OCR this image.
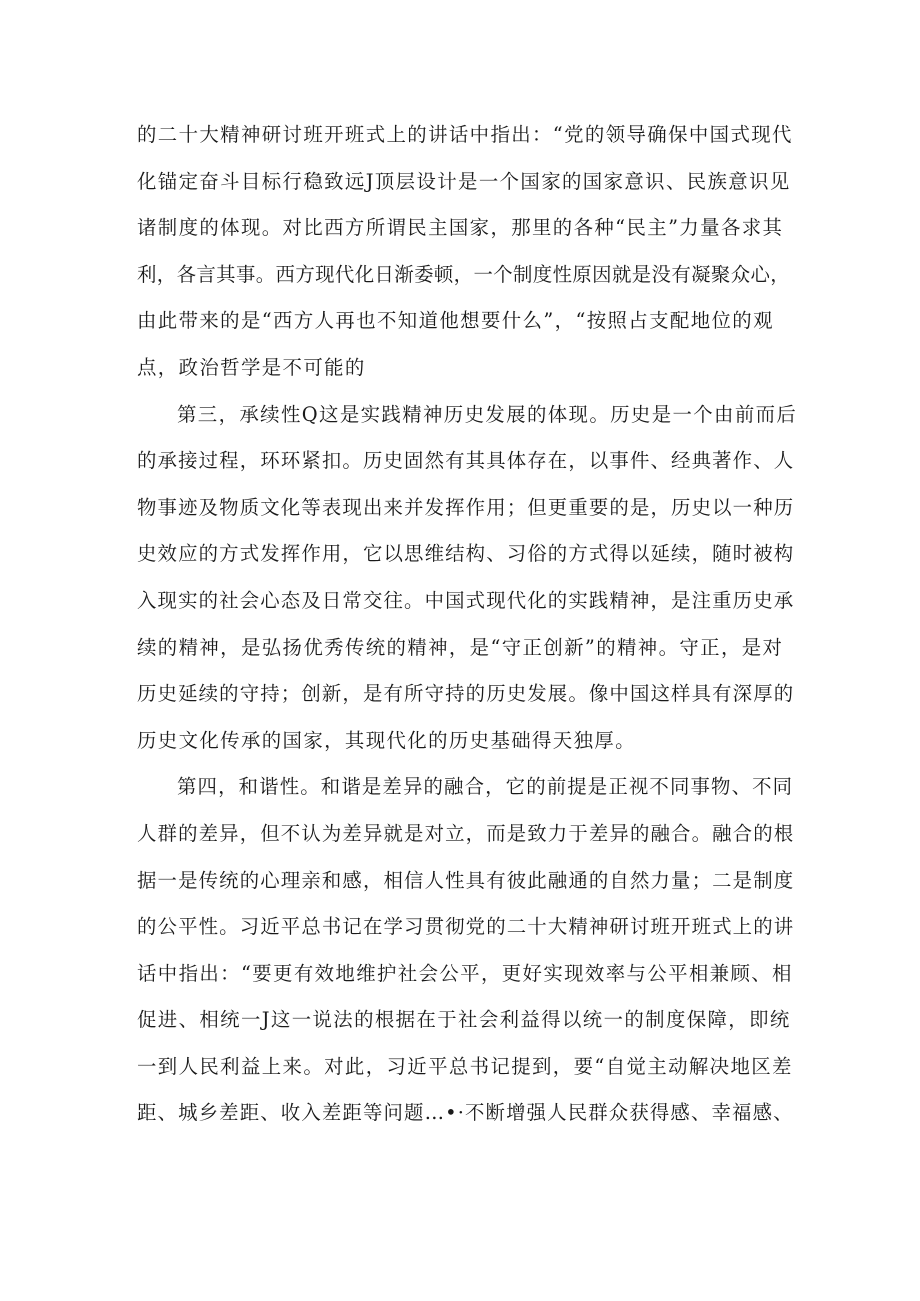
的二十大精神研讨班开班式上的讲话中指出：“党的领导确保中国式现代
化锚定奋斗目标行稳致远J顶层设计是一个国家的国家意识、民族意识见
诸制度的体现。对比西方所谓民主国家，那里的各种“民主”力量各求其
利，各言其事。西方现代化日渐委顿，一个制度性原因就是没有凝聚众心，
由此带来的是“西方人再也不知道他想要什么”，“按照占支配地位的观
点，政治哲学是不可能的
第三，承续性Q这是实践精神历史发展的体现。历史是一个由前而后
的承接过程，环环紧扣。历史固然有其具体存在，以事件、经典著作、人
物事迹及物质文化等表现出来并发挥作用；但更重要的是，历史以一种历
史效应的方式发挥作用，它以思维结构、习俗的方式得以延续，随时被构
入现实的社会心态及日常交往。中国式现代化的实践精神，是注重历史承
续的精神，是弘扬优秀传统的精神，是“守正创新”的精神。守正，是对
历史延续的守持；创新，是有所守持的历史发展。像中国这样具有深厚的
历史文化传承的国家，其现代化的历史基础得天独厚。
第四，和谐性。和谐是差异的融合，它的前提是正视不同事物、不同
人群的差异，但不认为差异就是对立，而是致力于差异的融合。融合的根
据一是传统的心理亲和感，相信人性具有彼此融通的自然力量；二是制度
的公平性。习近平总书记在学习贯彻党的二十大精神研讨班开班式上的讲
话中指出：“要更有效地维护社会公平，更好实现效率与公平相兼顾、相
促进、相统一J这一说法的根据在于社会利益得以统一的制度保障，即统
一到人民利益上来。对此，习近平总书记提到，要“自觉主动解决地区差
距、城乡差距、收入差距等问题…•·不断增强人民群众获得感、幸福感、
